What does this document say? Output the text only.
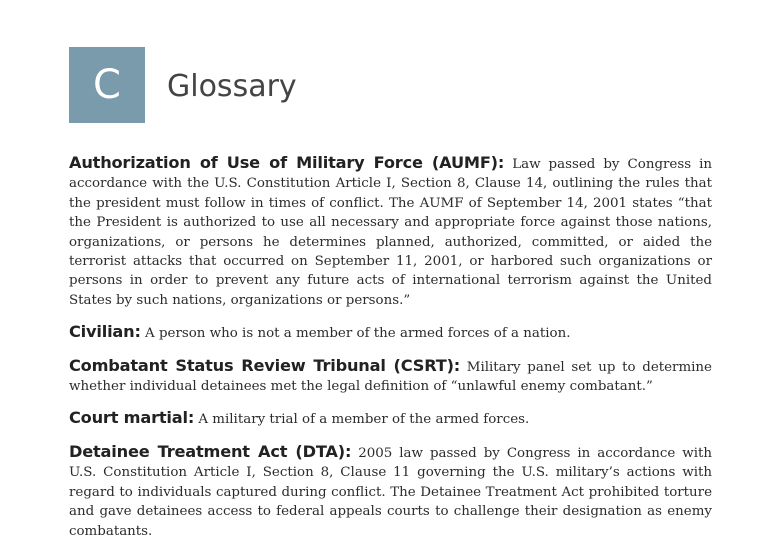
C Glossary

Authorization of Use of Military Force (AUMF): Law passed by Congress in accordance with the U.S. Constitution Article I, Section 8, Clause 14, outlining the rules that the president must follow in times of conflict. The AUMF of September 14, 2001 states “that the President is authorized to use all necessary and appropriate force against those nations, organizations, or persons he determines planned, authorized, committed, or aided the terrorist attacks that occurred on September 11, 2001, or harbored such organizations or persons in order to prevent any future acts of international terrorism against the United States by such nations, organizations or persons.”

Civilian: A person who is not a member of the armed forces of a nation.

Combatant Status Review Tribunal (CSRT): Military panel set up to determine whether individual detainees met the legal definition of “unlawful enemy combatant.”

Court martial: A military trial of a member of the armed forces.

Detainee Treatment Act (DTA): 2005 law passed by Congress in accordance with U.S. Constitution Article I, Section 8, Clause 11 governing the U.S. military’s actions with regard to individuals captured during conflict. The Detainee Treatment Act prohibited torture and gave detainees access to federal appeals courts to challenge their designation as enemy combatants.
